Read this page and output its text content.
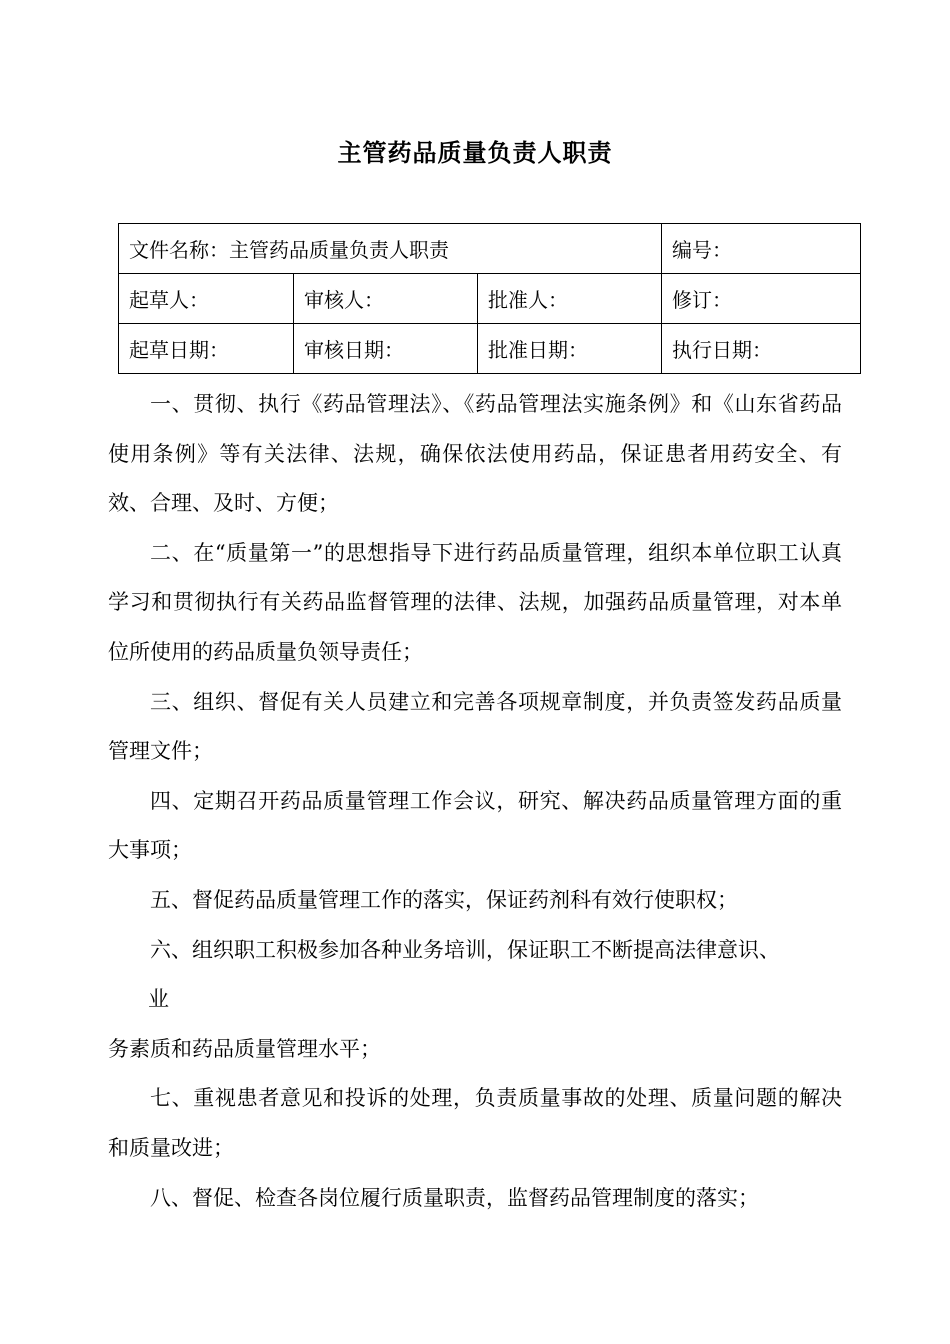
主管药品质量负责人职责
文件名称：主管药品质量负责人职责			编号：
起草人：	审核人：	批准人：	修订：
起草日期：	审核日期：	批准日期：	执行日期：

一、贯彻、执行《药品管理法》、《药品管理法实施条例》和《山东省药品使用条例》等有关法律、法规，确保依法使用药品，保证患者用药安全、有效、合理、及时、方便；

二、在“质量第一”的思想指导下进行药品质量管理，组织本单位职工认真学习和贯彻执行有关药品监督管理的法律、法规，加强药品质量管理，对本单位所使用的药品质量负领导责任；

三、组织、督促有关人员建立和完善各项规章制度，并负责签发药品质量管理文件；

四、定期召开药品质量管理工作会议，研究、解决药品质量管理方面的重大事项；

五、督促药品质量管理工作的落实，保证药剂科有效行使职权；

六、组织职工积极参加各种业务培训，保证职工不断提高法律意识、

业

务素质和药品质量管理水平；

七、重视患者意见和投诉的处理，负责质量事故的处理、质量问题的解决和质量改进；

八、督促、检查各岗位履行质量职责，监督药品管理制度的落实；
